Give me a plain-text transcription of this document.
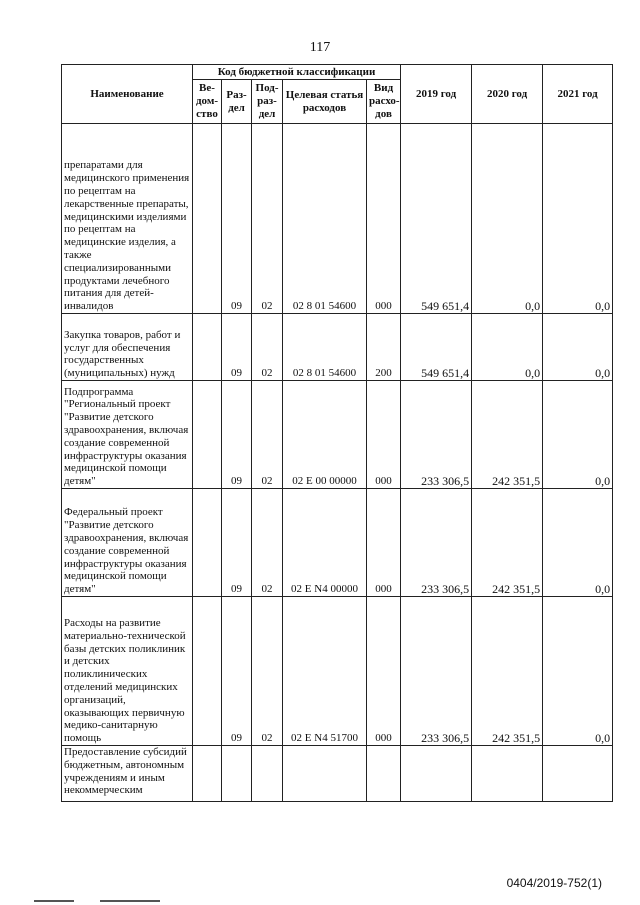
117
Наименование	Код бюджетной классификации					2019 год	2020 год	2021 год
	Ве-дом-ство	Раз-дел	Под-раз-дел	Целевая статья расходов	Вид расхо-дов			
препаратами для медицинского применения по рецептам на лекарственные препараты, медицинскими изделиями по рецептам на медицинские изделия, а также специализированными продуктами лечебного питания для детей-инвалидов		09	02	02 8 01 54600	000	549 651,4	0,0	0,0
Закупка товаров, работ и услуг для обеспечения государственных (муниципальных) нужд		09	02	02 8 01 54600	200	549 651,4	0,0	0,0
Подпрограмма "Региональный проект "Развитие детского здравоохранения, включая создание современной инфраструктуры оказания медицинской помощи детям"		09	02	02 Е 00 00000	000	233 306,5	242 351,5	0,0
Федеральный проект "Развитие детского здравоохранения, включая создание современной инфраструктуры оказания медицинской помощи детям"		09	02	02 Е N4 00000	000	233 306,5	242 351,5	0,0
Расходы на развитие материально-технической базы детских поликлиник и детских поликлинических отделений медицинских организаций, оказывающих первичную медико-санитарную помощь		09	02	02 Е N4 51700	000	233 306,5	242 351,5	0,0
Предоставление субсидий бюджетным, автономным учреждениям и иным некоммерческим								
0404/2019-752(1)
